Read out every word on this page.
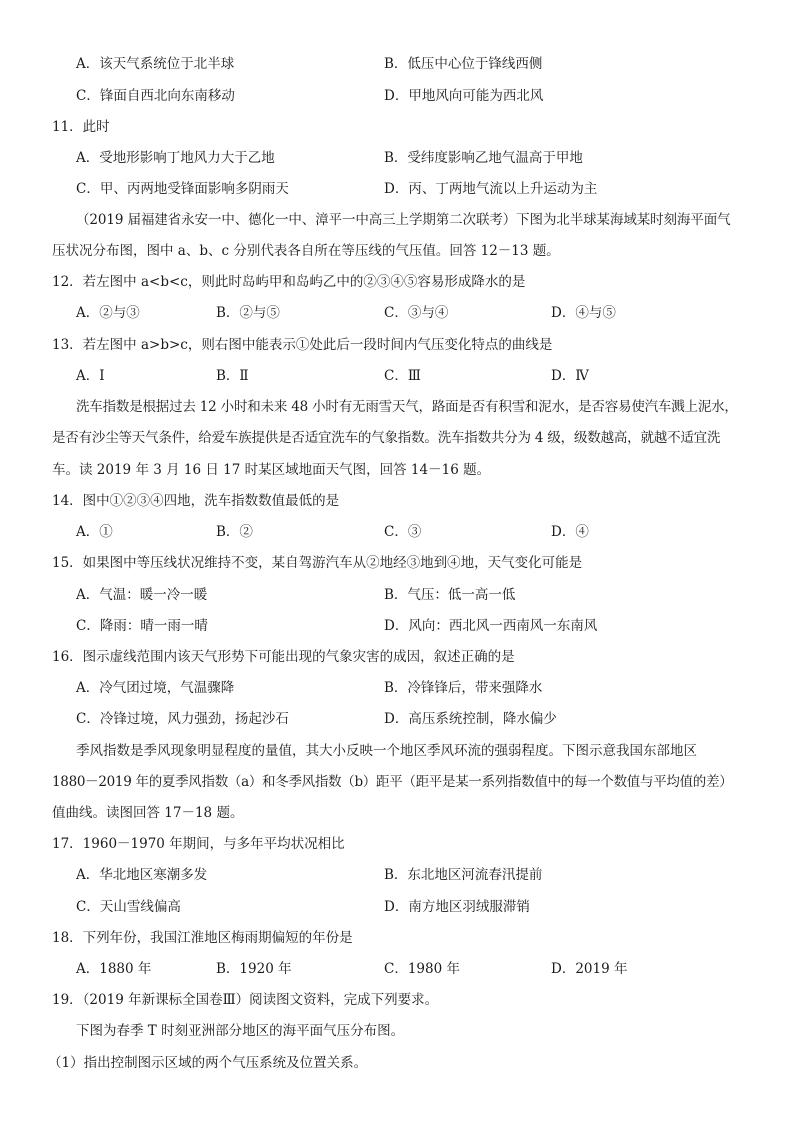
A．该天气系统位于北半球	B．低压中心位于锋线西侧
C．锋面自西北向东南移动	D．甲地风向可能为西北风
11．此时
A．受地形影响丁地风力大于乙地	B．受纬度影响乙地气温高于甲地
C．甲、丙两地受锋面影响多阴雨天	D．丙、丁两地气流以上升运动为主
（2019 届福建省永安一中、德化一中、漳平一中高三上学期第二次联考）下图为北半球某海域某时刻海平面气
压状况分布图，图中 a、b、c 分别代表各自所在等压线的气压值。回答 12－13 题。
12．若左图中 a<b<c，则此时岛屿甲和岛屿乙中的②③④⑤容易形成降水的是
A．②与③	B．②与⑤	C．③与④	D．④与⑤
13．若左图中 a>b>c，则右图中能表示①处此后一段时间内气压变化特点的曲线是
A．Ⅰ	B．Ⅱ	C．Ⅲ	D．Ⅳ
洗车指数是根据过去 12 小时和未来 48 小时有无雨雪天气，路面是否有积雪和泥水，是否容易使汽车溅上泥水，
是否有沙尘等天气条件，给爱车族提供是否适宜洗车的气象指数。洗车指数共分为 4 级，级数越高，就越不适宜洗
车。读 2019 年 3 月 16 日 17 时某区域地面天气图，回答 14－16 题。
14．图中①②③④四地，洗车指数数值最低的是
A．①	B．②	C．③	D．④
15．如果图中等压线状况维持不变，某自驾游汽车从②地经③地到④地，天气变化可能是
A．气温：暖一冷一暖	B．气压：低一高一低
C．降雨：晴一雨一晴	D．风向：西北风一西南风一东南风
16．图示虚线范围内该天气形势下可能出现的气象灾害的成因，叙述正确的是
A．冷气团过境，气温骤降	B．冷锋锋后，带来强降水
C．冷锋过境，风力强劲，扬起沙石	D．高压系统控制，降水偏少
季风指数是季风现象明显程度的量值，其大小反映一个地区季风环流的强弱程度。下图示意我国东部地区
1880－2019 年的夏季风指数（a）和冬季风指数（b）距平（距平是某一系列指数值中的每一个数值与平均值的差）
值曲线。读图回答 17－18 题。
17．1960－1970 年期间，与多年平均状况相比
A．华北地区寒潮多发	B．东北地区河流春汛提前
C．天山雪线偏高	D．南方地区羽绒服滞销
18．下列年份，我国江淮地区梅雨期偏短的年份是
A．1880 年	B．1920 年	C．1980 年	D．2019 年
19．（2019 年新课标全国卷Ⅲ）阅读图文资料，完成下列要求。
下图为春季 T 时刻亚洲部分地区的海平面气压分布图。
（1）指出控制图示区域的两个气压系统及位置关系。
